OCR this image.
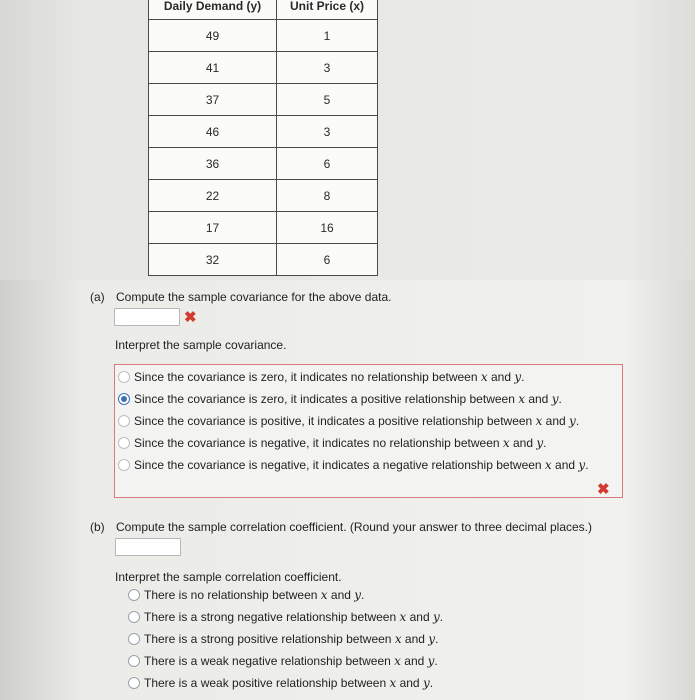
Daily Demand (y)	Unit Price (x)
49	1
41	3
37	5
46	3
36	6
22	8
17	16
32	6
(a) Compute the sample covariance for the above data.
✖
Interpret the sample covariance.
Since the covariance is zero, it indicates no relationship between x and y.
Since the covariance is zero, it indicates a positive relationship between x and y.
Since the covariance is positive, it indicates a positive relationship between x and y.
Since the covariance is negative, it indicates no relationship between x and y.
Since the covariance is negative, it indicates a negative relationship between x and y.
✖
(b) Compute the sample correlation coefficient. (Round your answer to three decimal places.)
Interpret the sample correlation coefficient.
There is no relationship between x and y.
There is a strong negative relationship between x and y.
There is a strong positive relationship between x and y.
There is a weak negative relationship between x and y.
There is a weak positive relationship between x and y.
